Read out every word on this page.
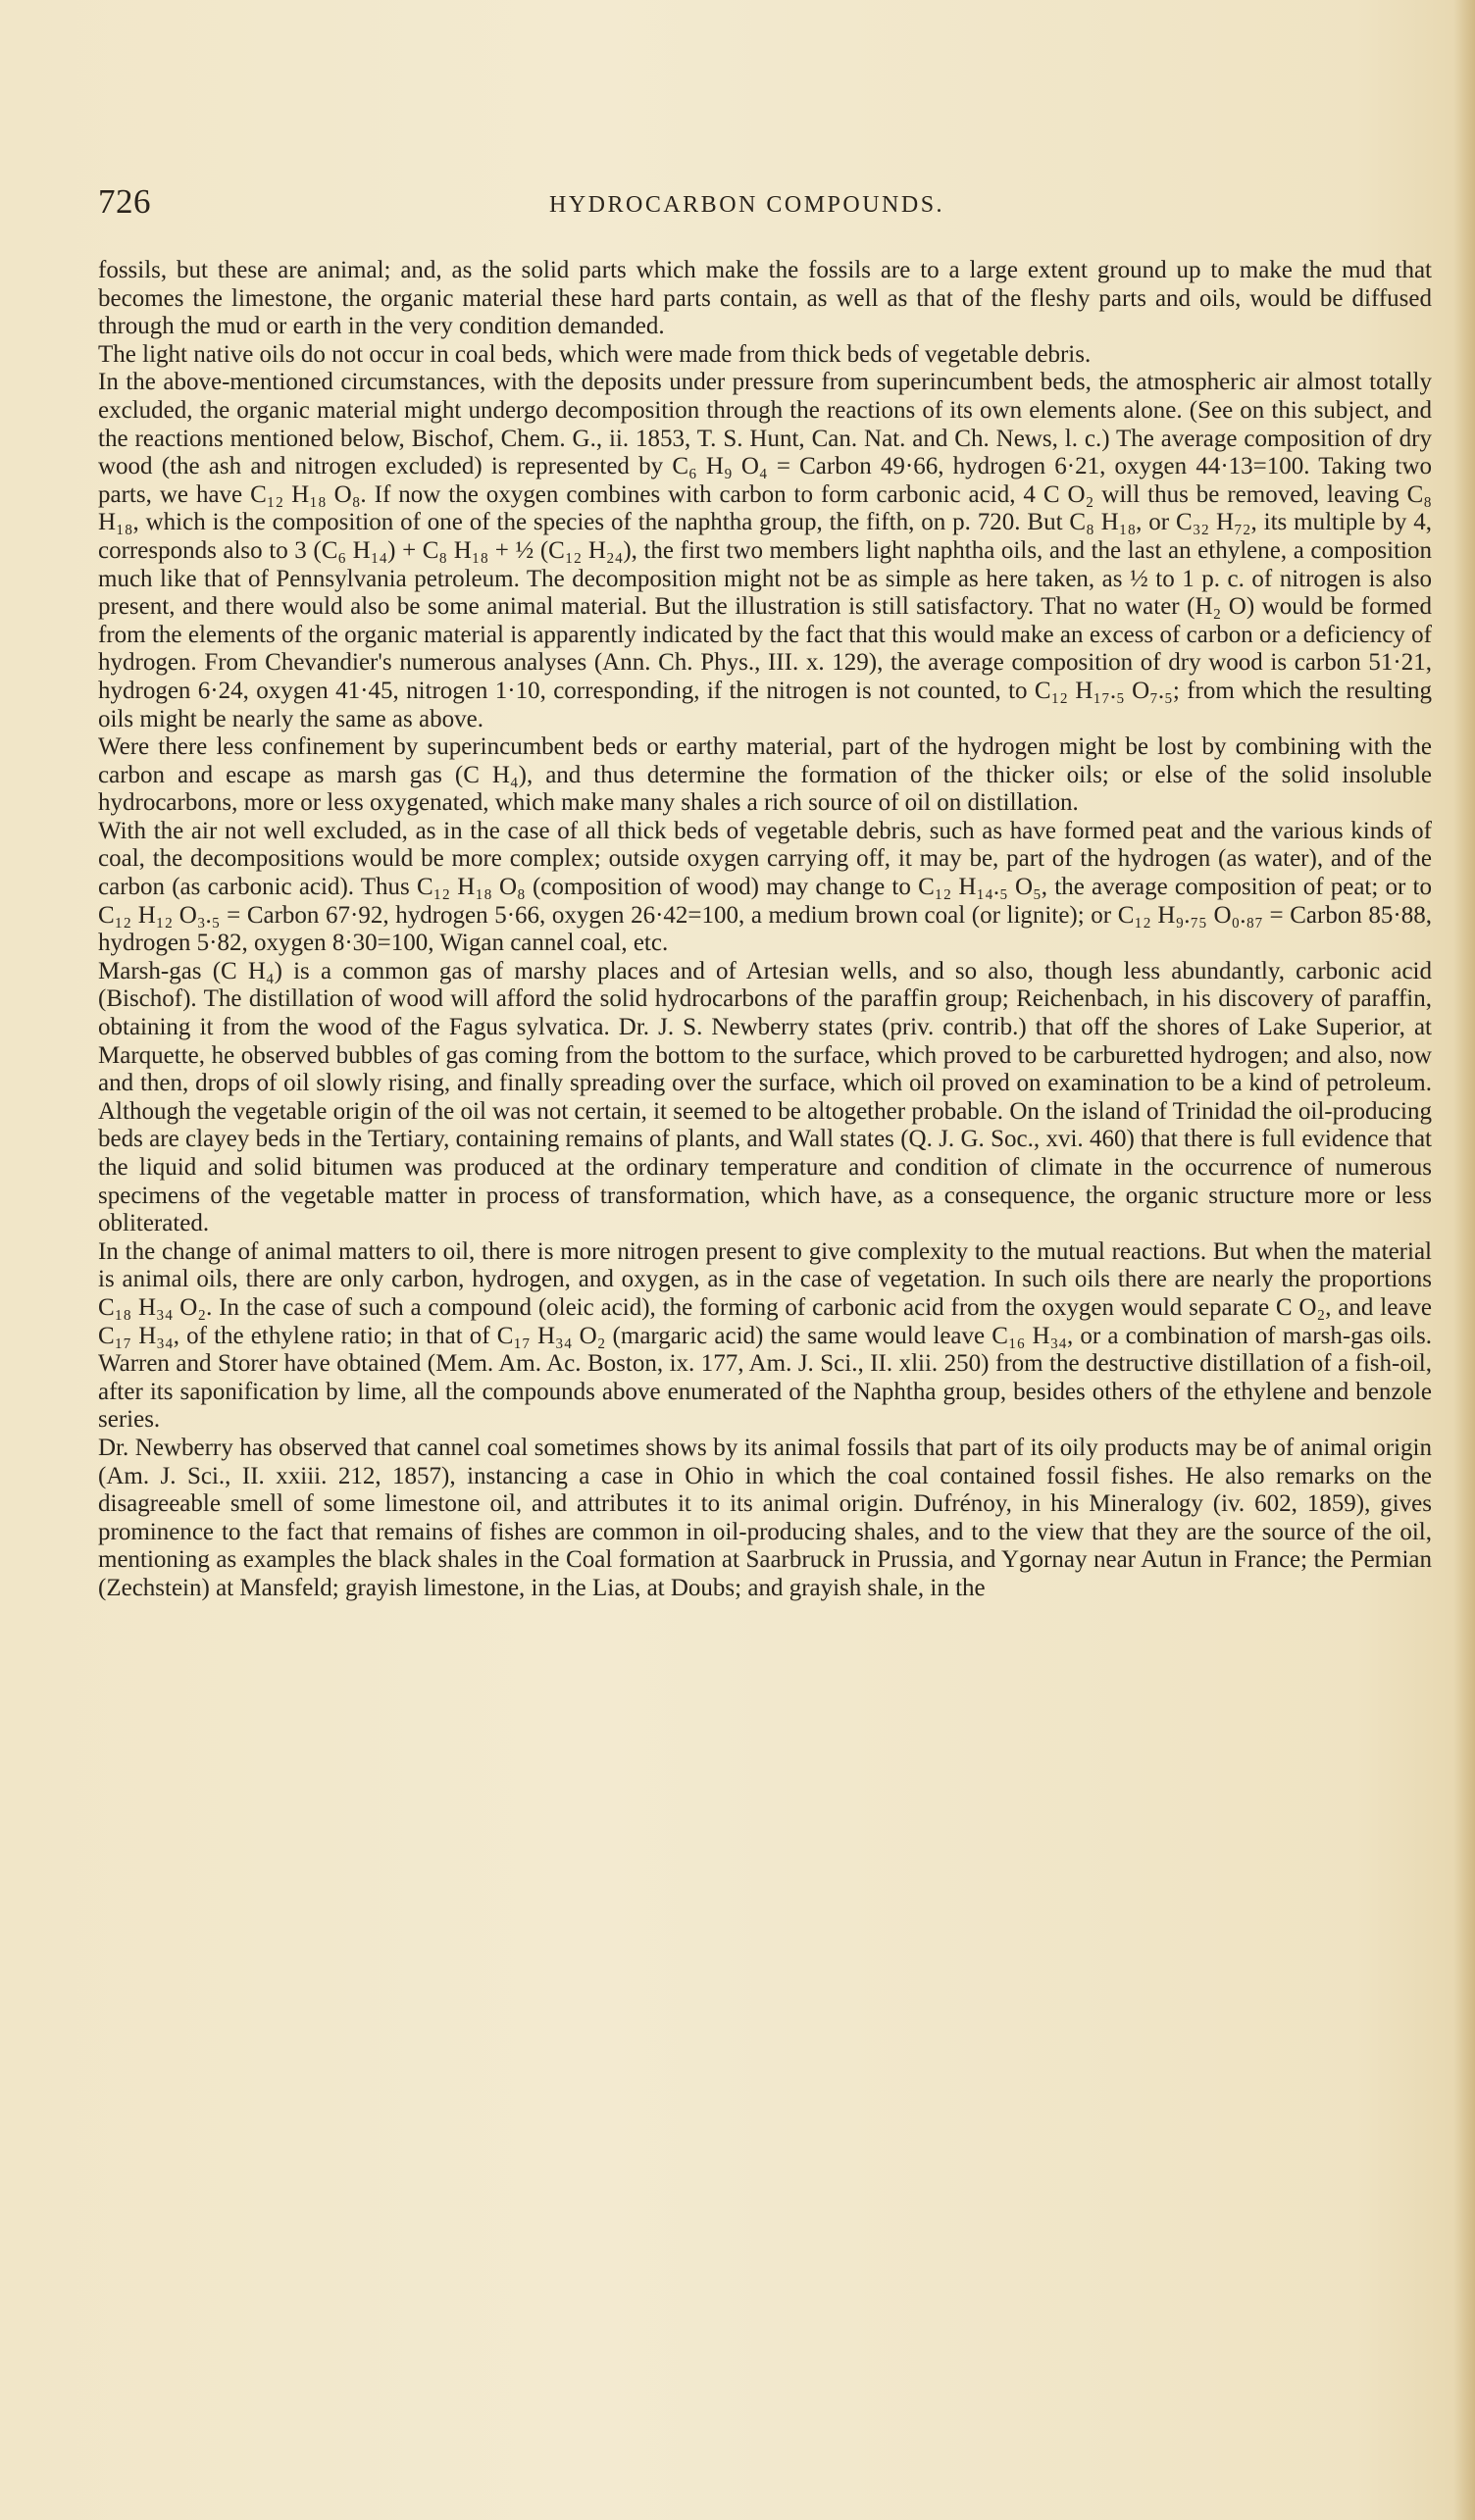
726	HYDROCARBON COMPOUNDS.

fossils, but these are animal; and, as the solid parts which make the fossils are to a large extent ground up to make the mud that becomes the limestone, the organic material these hard parts contain, as well as that of the fleshy parts and oils, would be diffused through the mud or earth in the very condition demanded.

The light native oils do not occur in coal beds, which were made from thick beds of vegetable debris.

In the above-mentioned circumstances, with the deposits under pressure from superincumbent beds, the atmospheric air almost totally excluded, the organic material might undergo decomposition through the reactions of its own elements alone. (See on this subject, and the reactions mentioned below, Bischof, Chem. G., ii. 1853, T. S. Hunt, Can. Nat. and Ch. News, l. c.) The average composition of dry wood (the ash and nitrogen excluded) is represented by C₆ H₉ O₄ = Carbon 49·66, hydrogen 6·21, oxygen 44·13=100. Taking two parts, we have C₁₂ H₁₈ O₈. If now the oxygen combines with carbon to form carbonic acid, 4 C O₂ will thus be removed, leaving C₈ H₁₈, which is the composition of one of the species of the naphtha group, the fifth, on p. 720. But C₈ H₁₈, or C₃₂ H₇₂, its multiple by 4, corresponds also to 3 (C₆ H₁₄) + C₈ H₁₈ + ½ (C₁₂ H₂₄), the first two members light naphtha oils, and the last an ethylene, a composition much like that of Pennsylvania petroleum. The decomposition might not be as simple as here taken, as ½ to 1 p. c. of nitrogen is also present, and there would also be some animal material. But the illustration is still satisfactory. That no water (H₂ O) would be formed from the elements of the organic material is apparently indicated by the fact that this would make an excess of carbon or a deficiency of hydrogen. From Chevandier's numerous analyses (Ann. Ch. Phys., III. x. 129), the average composition of dry wood is carbon 51·21, hydrogen 6·24, oxygen 41·45, nitrogen 1·10, corresponding, if the nitrogen is not counted, to C₁₂ H₁₇.₅ O₇.₅; from which the resulting oils might be nearly the same as above.

Were there less confinement by superincumbent beds or earthy material, part of the hydrogen might be lost by combining with the carbon and escape as marsh gas (C H₄), and thus determine the formation of the thicker oils; or else of the solid insoluble hydrocarbons, more or less oxygenated, which make many shales a rich source of oil on distillation.

With the air not well excluded, as in the case of all thick beds of vegetable debris, such as have formed peat and the various kinds of coal, the decompositions would be more complex; outside oxygen carrying off, it may be, part of the hydrogen (as water), and of the carbon (as carbonic acid). Thus C₁₂ H₁₈ O₈ (composition of wood) may change to C₁₂ H₁₄.₅ O₅, the average composition of peat; or to C₁₂ H₁₂ O₃.₅ = Carbon 67·92, hydrogen 5·66, oxygen 26·42=100, a medium brown coal (or lignite); or C₁₂ H₉.₇₅ O₀.₈₇ = Carbon 85·88, hydrogen 5·82, oxygen 8·30=100, Wigan cannel coal, etc.

Marsh-gas (C H₄) is a common gas of marshy places and of Artesian wells, and so also, though less abundantly, carbonic acid (Bischof). The distillation of wood will afford the solid hydrocarbons of the paraffin group; Reichenbach, in his discovery of paraffin, obtaining it from the wood of the Fagus sylvatica. Dr. J. S. Newberry states (priv. contrib.) that off the shores of Lake Superior, at Marquette, he observed bubbles of gas coming from the bottom to the surface, which proved to be carburetted hydrogen; and also, now and then, drops of oil slowly rising, and finally spreading over the surface, which oil proved on examination to be a kind of petroleum. Although the vegetable origin of the oil was not certain, it seemed to be altogether probable. On the island of Trinidad the oil-producing beds are clayey beds in the Tertiary, containing remains of plants, and Wall states (Q. J. G. Soc., xvi. 460) that there is full evidence that the liquid and solid bitumen was produced at the ordinary temperature and condition of climate in the occurrence of numerous specimens of the vegetable matter in process of transformation, which have, as a consequence, the organic structure more or less obliterated.

In the change of animal matters to oil, there is more nitrogen present to give complexity to the mutual reactions. But when the material is animal oils, there are only carbon, hydrogen, and oxygen, as in the case of vegetation. In such oils there are nearly the proportions C₁₈ H₃₄ O₂. In the case of such a compound (oleic acid), the forming of carbonic acid from the oxygen would separate C O₂, and leave C₁₇ H₃₄, of the ethylene ratio; in that of C₁₇ H₃₄ O₂ (margaric acid) the same would leave C₁₆ H₃₄, or a combination of marsh-gas oils. Warren and Storer have obtained (Mem. Am. Ac. Boston, ix. 177, Am. J. Sci., II. xlii. 250) from the destructive distillation of a fish-oil, after its saponification by lime, all the compounds above enumerated of the Naphtha group, besides others of the ethylene and benzole series.

Dr. Newberry has observed that cannel coal sometimes shows by its animal fossils that part of its oily products may be of animal origin (Am. J. Sci., II. xxiii. 212, 1857), instancing a case in Ohio in which the coal contained fossil fishes. He also remarks on the disagreeable smell of some limestone oil, and attributes it to its animal origin. Dufrénoy, in his Mineralogy (iv. 602, 1859), gives prominence to the fact that remains of fishes are common in oil-producing shales, and to the view that they are the source of the oil, mentioning as examples the black shales in the Coal formation at Saarbruck in Prussia, and Ygornay near Autun in France; the Permian (Zechstein) at Mansfeld; grayish limestone, in the Lias, at Doubs; and grayish shale, in the
